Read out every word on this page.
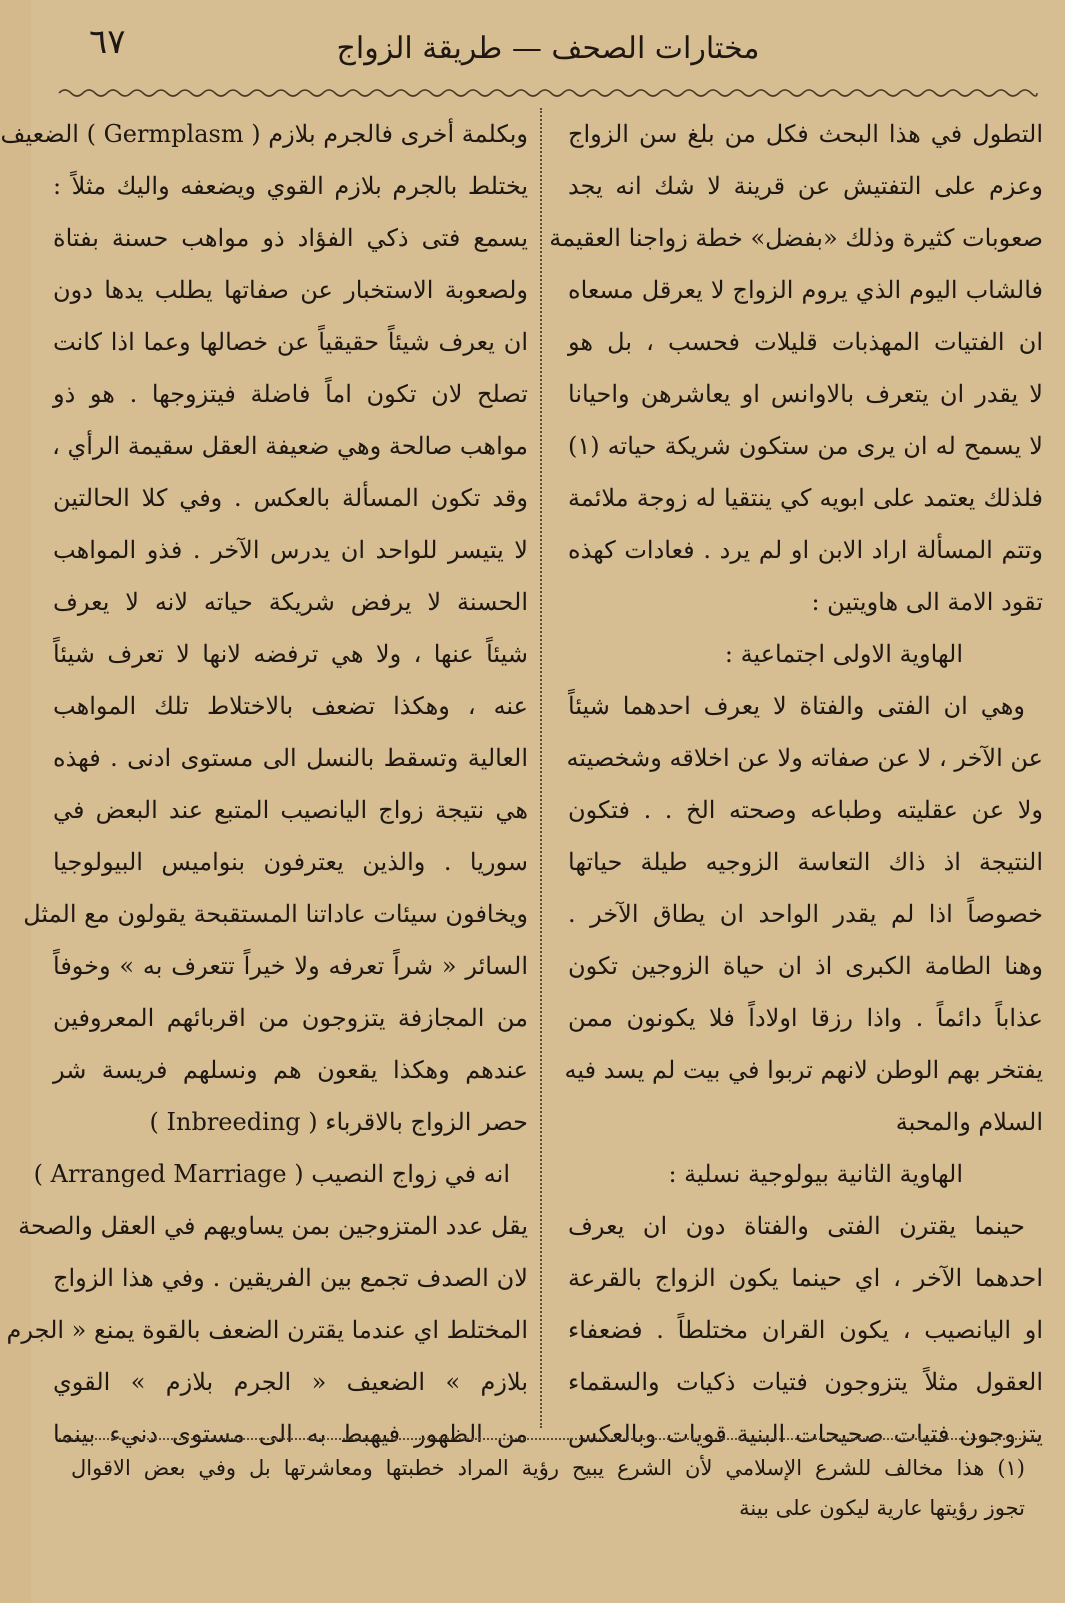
٦٧	مختارات الصحف — طريقة الزواج
التطول في هذا البحث فكل من بلغ سن الزواج
وعزم على التفتيش عن قرينة لا شك انه يجد
صعوبات كثيرة وذلك «بفضل» خطة زواجنا العقيمة
فالشاب اليوم الذي يروم الزواج لا يعرقل مسعاه
ان الفتيات المهذبات قليلات فحسب ، بل هو
لا يقدر ان يتعرف بالاوانس او يعاشرهن واحيانا
لا يسمح له ان يرى من ستكون شريكة حياته (١)
فلذلك يعتمد على ابويه كي ينتقيا له زوجة ملائمة
وتتم المسألة اراد الابن او لم يرد . فعادات كهذه
تقود الامة الى هاويتين :
الهاوية الاولى اجتماعية :
وهي ان الفتى والفتاة لا يعرف احدهما شيئاً
عن الآخر ، لا عن صفاته ولا عن اخلاقه وشخصيته
ولا عن عقليته وطباعه وصحته الخ . . فتكون
النتيجة اذ ذاك التعاسة الزوجيه طيلة حياتها
خصوصاً اذا لم يقدر الواحد ان يطاق الآخر .
وهنا الطامة الكبرى اذ ان حياة الزوجين تكون
عذاباً دائماً . واذا رزقا اولاداً فلا يكونون ممن
يفتخر بهم الوطن لانهم تربوا في بيت لم يسد فيه
السلام والمحبة
الهاوية الثانية بيولوجية نسلية :
حينما يقترن الفتى والفتاة دون ان يعرف
احدهما الآخر ، اي حينما يكون الزواج بالقرعة
او اليانصيب ، يكون القران مختلطاً . فضعفاء
العقول مثلاً يتزوجون فتيات ذكيات والسقماء
يتزوجون فتيات صحيحات البنية قويات وبالعكس
وبكلمة أخرى فالجرم بلازم ( Germplasm ) الضعيف
يختلط بالجرم بلازم القوي ويضعفه واليك مثلاً :
يسمع فتى ذكي الفؤاد ذو مواهب حسنة بفتاة
ولصعوبة الاستخبار عن صفاتها يطلب يدها دون
ان يعرف شيئاً حقيقياً عن خصالها وعما اذا كانت
تصلح لان تكون اماً فاضلة فيتزوجها . هو ذو
مواهب صالحة وهي ضعيفة العقل سقيمة الرأي ،
وقد تكون المسألة بالعكس . وفي كلا الحالتين
لا يتيسر للواحد ان يدرس الآخر . فذو المواهب
الحسنة لا يرفض شريكة حياته لانه لا يعرف
شيئاً عنها ، ولا هي ترفضه لانها لا تعرف شيئاً
عنه ، وهكذا تضعف بالاختلاط تلك المواهب
العالية وتسقط بالنسل الى مستوى ادنى . فهذه
هي نتيجة زواج اليانصيب المتبع عند البعض في
سوريا . والذين يعترفون بنواميس البيولوجيا
ويخافون سيئات عاداتنا المستقبحة يقولون مع المثل
السائر « شراً تعرفه ولا خيراً تتعرف به » وخوفاً
من المجازفة يتزوجون من اقربائهم المعروفين
عندهم وهكذا يقعون هم ونسلهم فريسة شر
حصر الزواج بالاقرباء ( Inbreeding )
انه في زواج النصيب ( Arranged Marriage )
يقل عدد المتزوجين بمن يساويهم في العقل والصحة
لان الصدف تجمع بين الفريقين . وفي هذا الزواج
المختلط اي عندما يقترن الضعف بالقوة يمنع « الجرم
بلازم » الضعيف « الجرم بلازم » القوي
من الظهور فيهبط به الى مستوى دنيء بينما
(١) هذا مخالف للشرع الإسلامي لأن الشرع يبيح رؤية المراد خطبتها ومعاشرتها بل وفي بعض الاقوال
تجوز رؤيتها عارية ليكون على بينة
